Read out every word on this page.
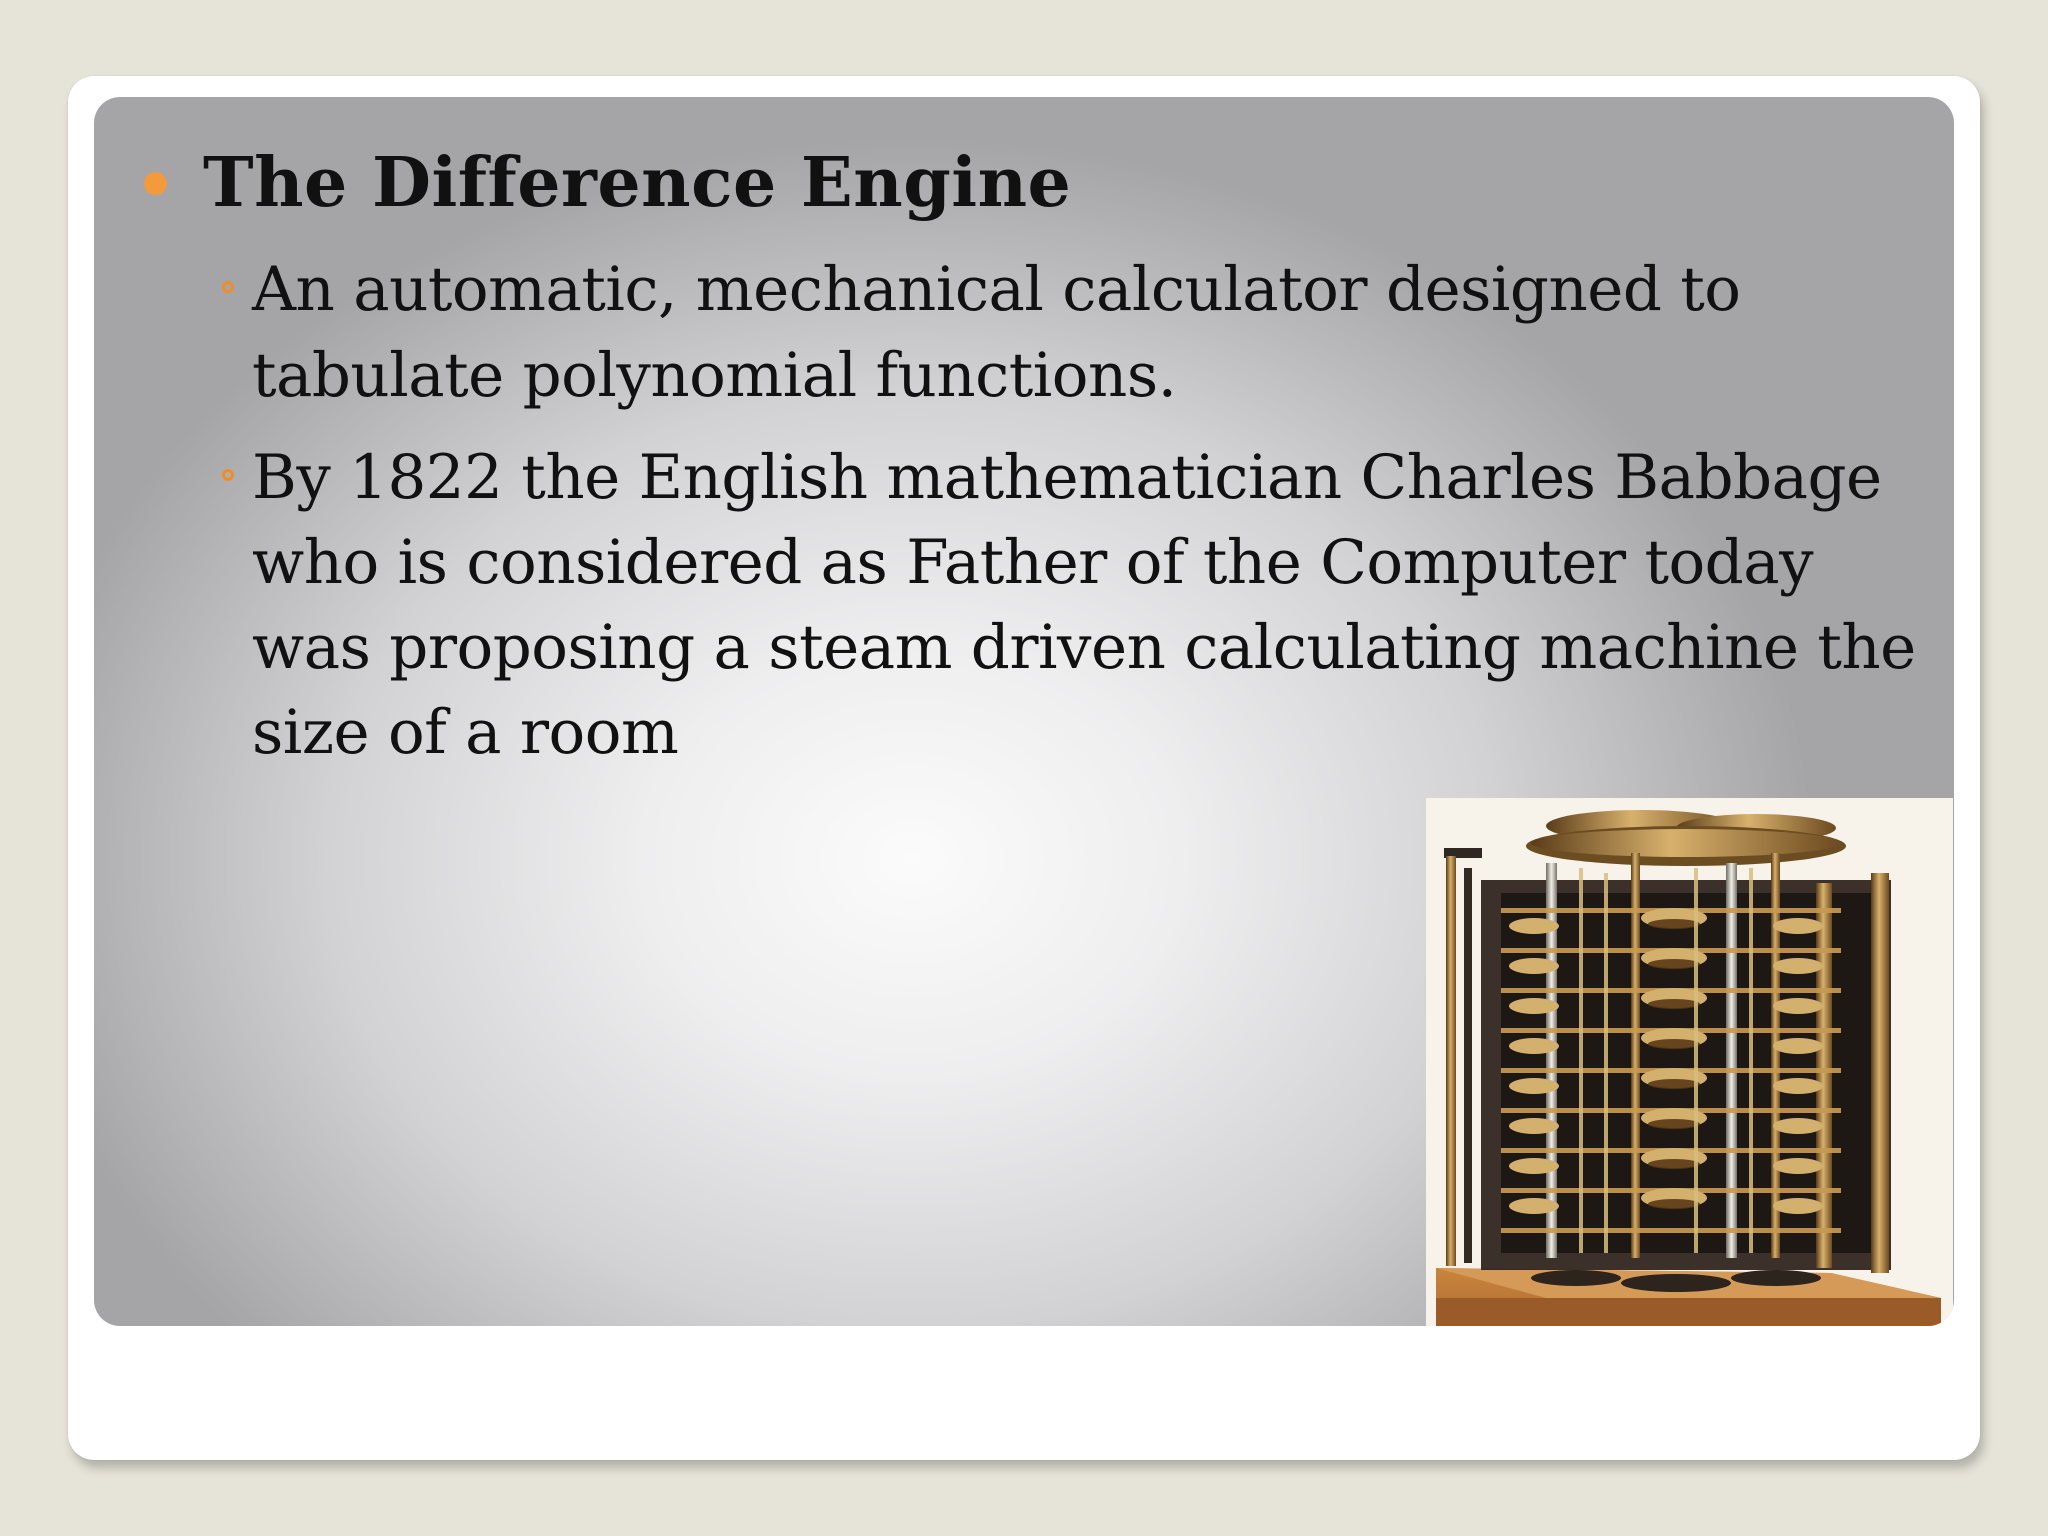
The Difference Engine
An automatic, mechanical calculator designed to
tabulate polynomial functions.
By 1822 the English mathematician Charles Babbage
who is considered as Father of the Computer today
was proposing a steam driven calculating machine the
size of a room
